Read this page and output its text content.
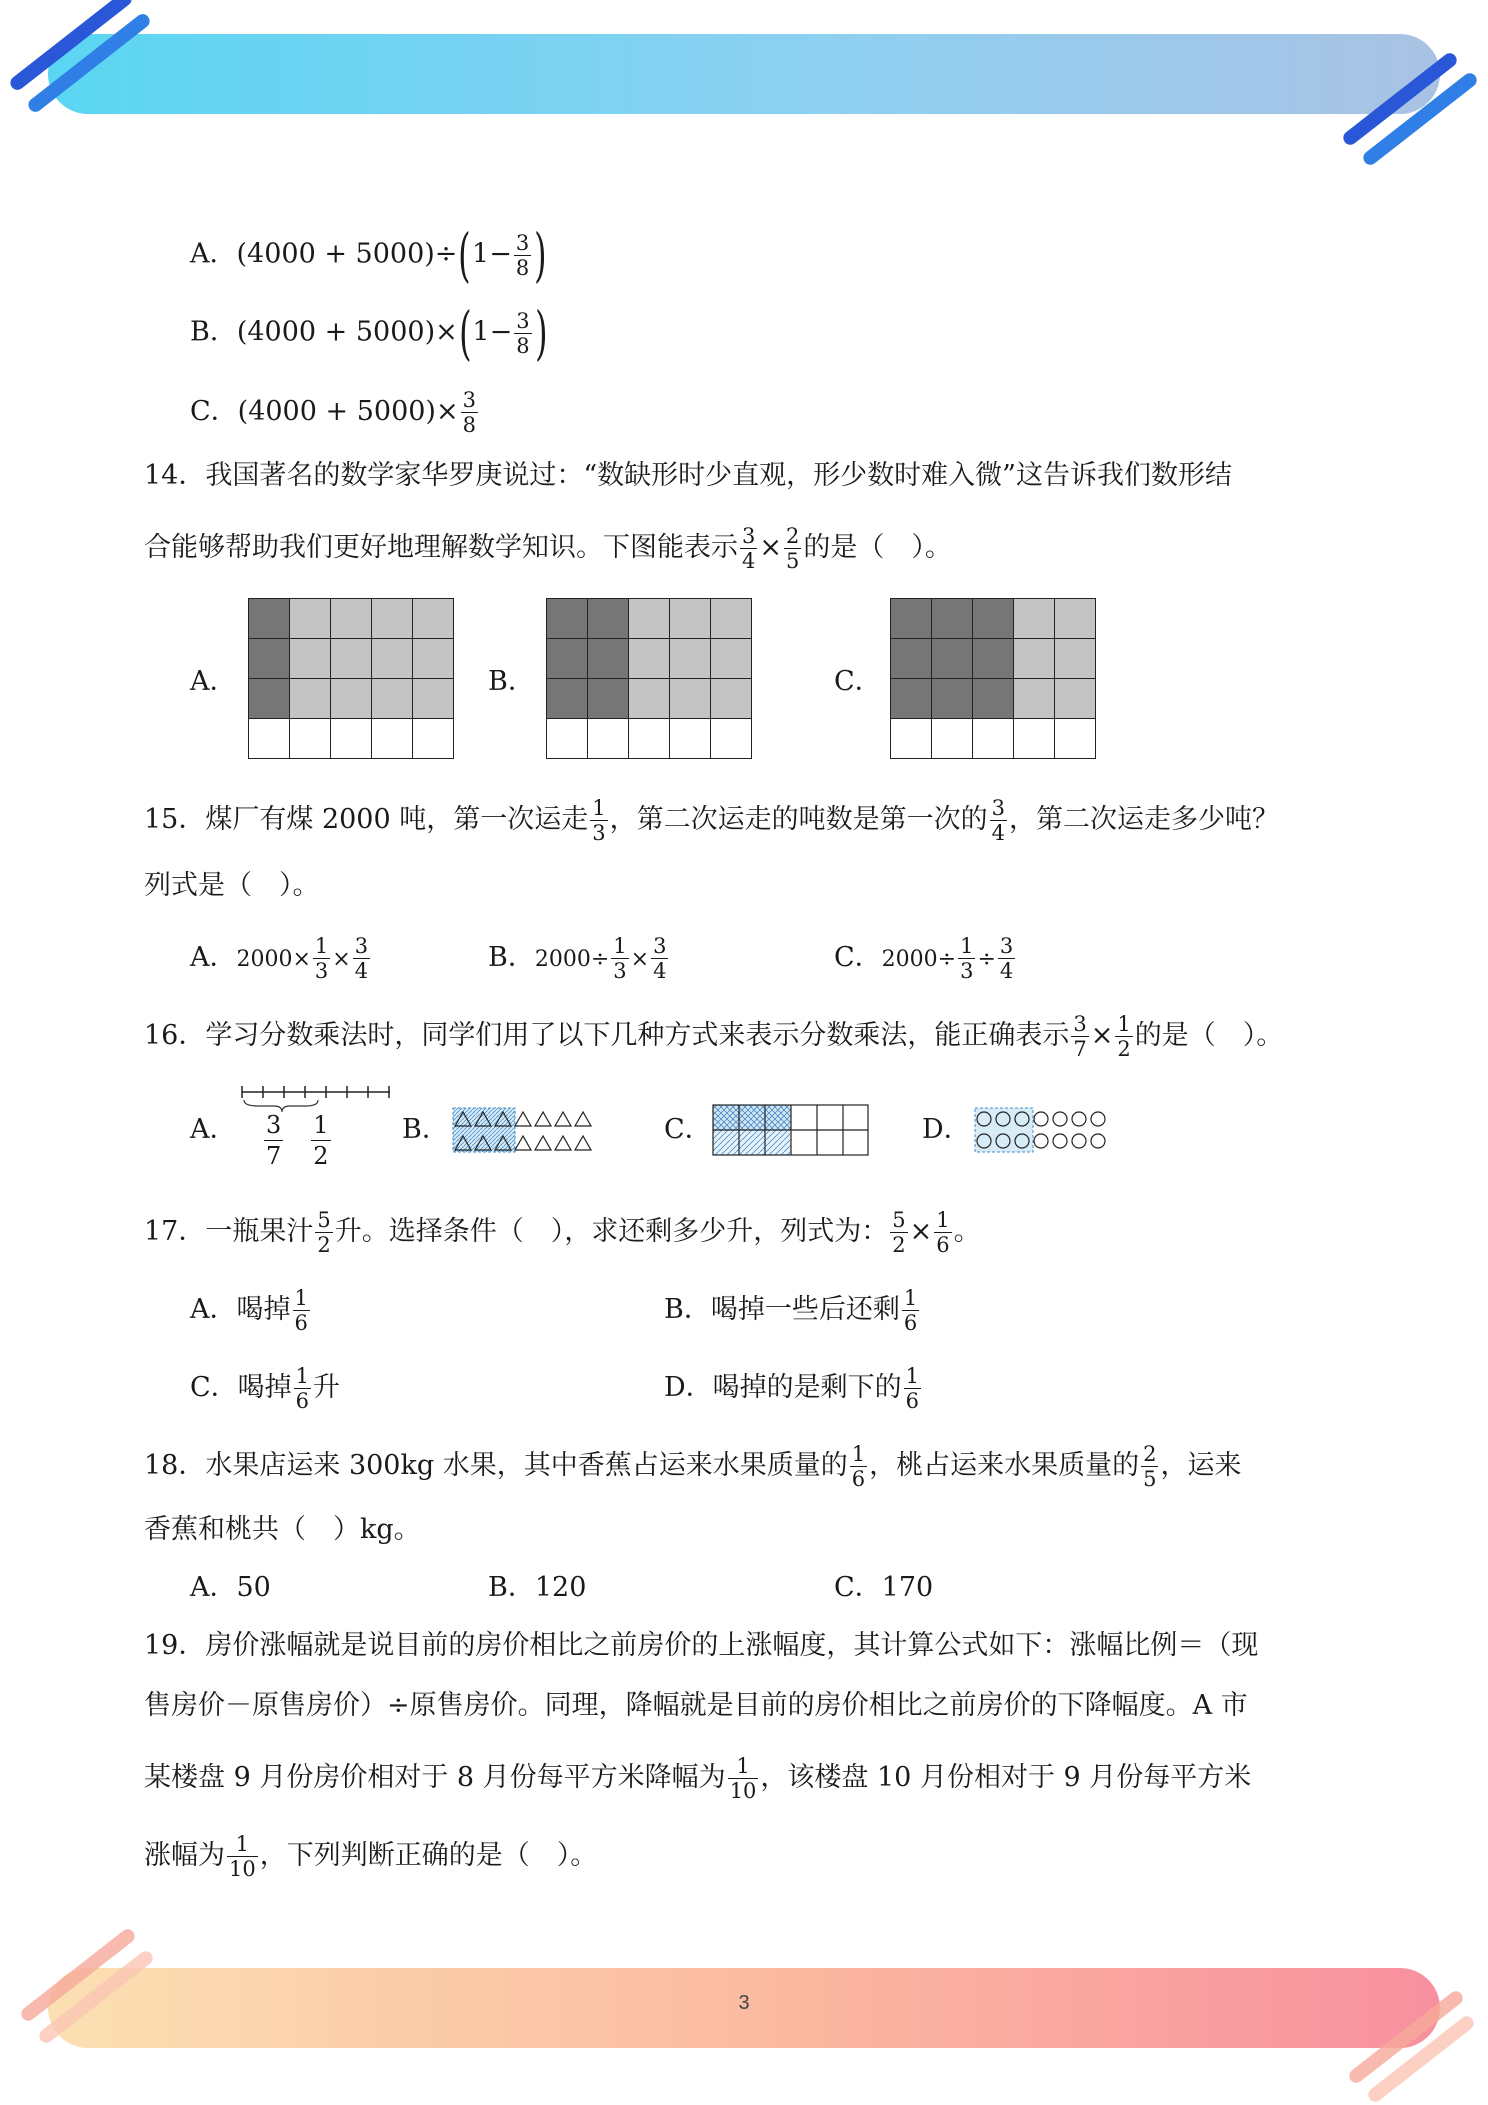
A．$(4000 + 5000)\div(1- \frac{3}{8}$ )
B．$(4000 + 5000)\times(1- \frac{3}{8}$ )
C．$(4000 + 5000)\times \frac{3}{8}$
14．我国著名的数学家华罗庚说过：“数缺形时少直观，形少数时难入微”这告诉我们数形结
合能够帮助我们更好地理解数学知识。下图能表示 $\frac{3}{4} \times \frac{2}{5}$ 的是（　）。
A．

					B．

					C．

15．煤厂有煤 2000 吨，第一次运走 $\frac{1}{3}$ ，第二次运走的吨数是第一次的 $\frac{3}{4}$ ，第二次运走多少吨？
列式是（　）。
A．$2000\times \frac{1}{3} \times \frac{3}{4}$	B．$2000\div \frac{1}{3} \times \frac{3}{4}$	C．$2000\div \frac{1}{3} \div \frac{3}{4}$
16．学习分数乘法时，同学们用了以下几种方式来表示分数乘法，能正确表示 $\frac{3}{7} \times \frac{1}{2}$ 的是（　）。
A． $\frac{3}{7} \frac{1}{2}$	B．	C．	D．
17．一瓶果汁 $\frac{5}{2}$ 升。选择条件（　），求还剩多少升，列式为： $\frac{5}{2} \times \frac{1}{6}$ 。
A．喝掉 $\frac{1}{6}$	B．喝掉一些后还剩 $\frac{1}{6}$
C．喝掉 $\frac{1}{6}$ 升	D．喝掉的是剩下的 $\frac{1}{6}$
18．水果店运来 300kg 水果，其中香蕉占运来水果质量的 $\frac{1}{6}$ ，桃占运来水果质量的 $\frac{2}{5}$ ，运来
香蕉和桃共（　）kg。
A．50	B．120	C．170
19．房价涨幅就是说目前的房价相比之前房价的上涨幅度，其计算公式如下：涨幅比例＝（现
售房价－原售房价）÷原售房价。同理，降幅就是目前的房价相比之前房价的下降幅度。A 市
某楼盘 9 月份房价相对于 8 月份每平方米降幅为 $\frac{1}{10}$ ，该楼盘 10 月份相对于 9 月份每平方米
涨幅为 $\frac{1}{10}$ ，下列判断正确的是（　）。
3
